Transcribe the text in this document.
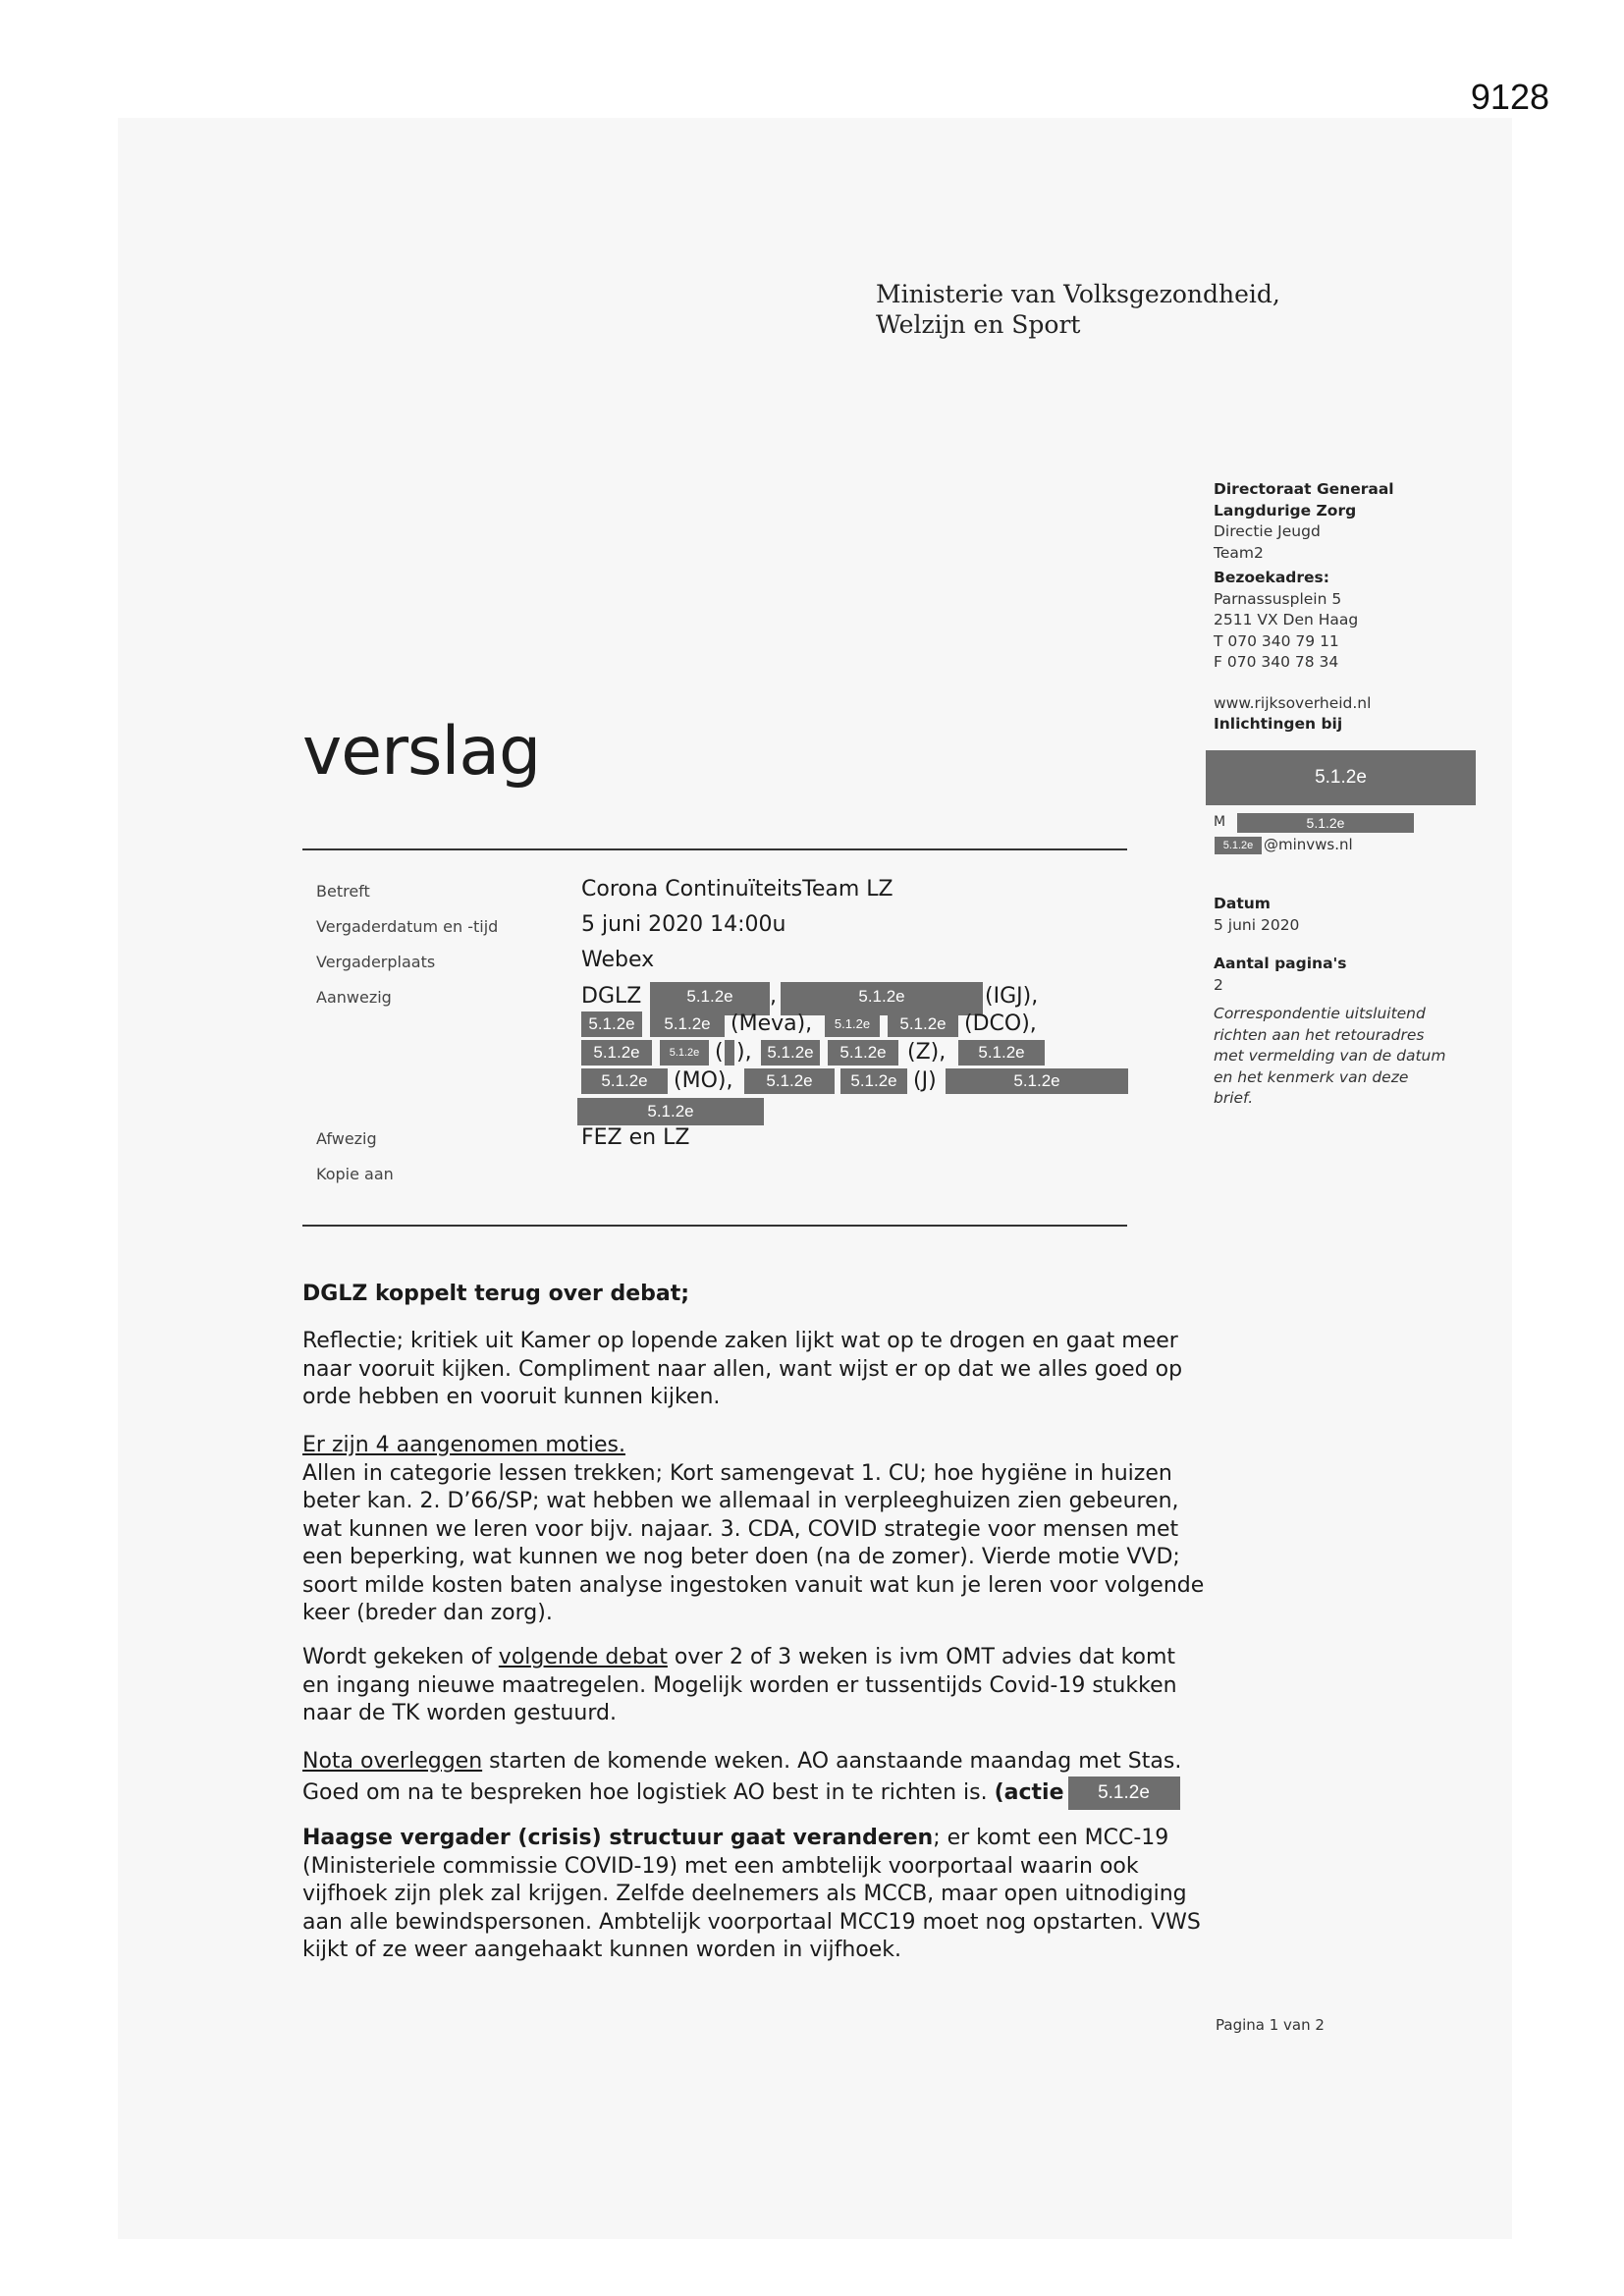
9128
Ministerie van Volksgezondheid,
Welzijn en Sport
Directoraat Generaal
Langdurige Zorg
Directie Jeugd
Team2
Bezoekadres:
Parnassusplein 5
2511 VX Den Haag
T 070 340 79 11
F 070 340 78 34
www.rijksoverheid.nl
Inlichtingen bij
5.1.2e
M	5.1.2e
5.1.2e @minvws.nl
Datum
5 juni 2020
Aantal pagina's
2
Correspondentie uitsluitend
richten aan het retouradres
met vermelding van de datum
en het kenmerk van deze
brief.
verslag
Betreft	Corona ContinuïteitsTeam LZ
Vergaderdatum en -tijd	5 juni 2020 14:00u
Vergaderplaats	Webex
Aanwezig	DGLZ	5.1.2e	,	5.1.2e	(IGJ),
5.1.2e	5.1.2e (Meva),	5.1.2e	5.1.2e (DCO),
5.1.2e	5.1.2e ( ), 5.1.2e	5.1.2e (Z),	5.1.2e
5.1.2e	(MO),	5.1.2e	5.1.2e (J)	5.1.2e
5.1.2e
Afwezig	FEZ en LZ
Kopie aan
DGLZ koppelt terug over debat;

Reflectie; kritiek uit Kamer op lopende zaken lijkt wat op te drogen en gaat meer naar vooruit kijken. Compliment naar allen, want wijst er op dat we alles goed op orde hebben en vooruit kunnen kijken.

Er zijn 4 aangenomen moties.

Allen in categorie lessen trekken; Kort samengevat 1. CU; hoe hygiëne in huizen beter kan. 2. D’66/SP; wat hebben we allemaal in verpleeghuizen zien gebeuren, wat kunnen we leren voor bijv. najaar. 3. CDA, COVID strategie voor mensen met een beperking, wat kunnen we nog beter doen (na de zomer). Vierde motie VVD; soort milde kosten baten analyse ingestoken vanuit wat kun je leren voor volgende keer (breder dan zorg).

Wordt gekeken of volgende debat over 2 of 3 weken is ivm OMT advies dat komt en ingang nieuwe maatregelen. Mogelijk worden er tussentijds Covid-19 stukken naar de TK worden gestuurd.

Nota overleggen starten de komende weken. AO aanstaande maandag met Stas.

Goed om na te bespreken hoe logistiek AO best in te richten is. (actie 5.1.2e

Haagse vergader (crisis) structuur gaat veranderen; er komt een MCC-19 (Ministeriele commissie COVID-19) met een ambtelijk voorportaal waarin ook vijfhoek zijn plek zal krijgen. Zelfde deelnemers als MCCB, maar open uitnodiging aan alle bewindspersonen. Ambtelijk voorportaal MCC19 moet nog opstarten. VWS kijkt of ze weer aangehaakt kunnen worden in vijfhoek.

Pagina 1 van 2
